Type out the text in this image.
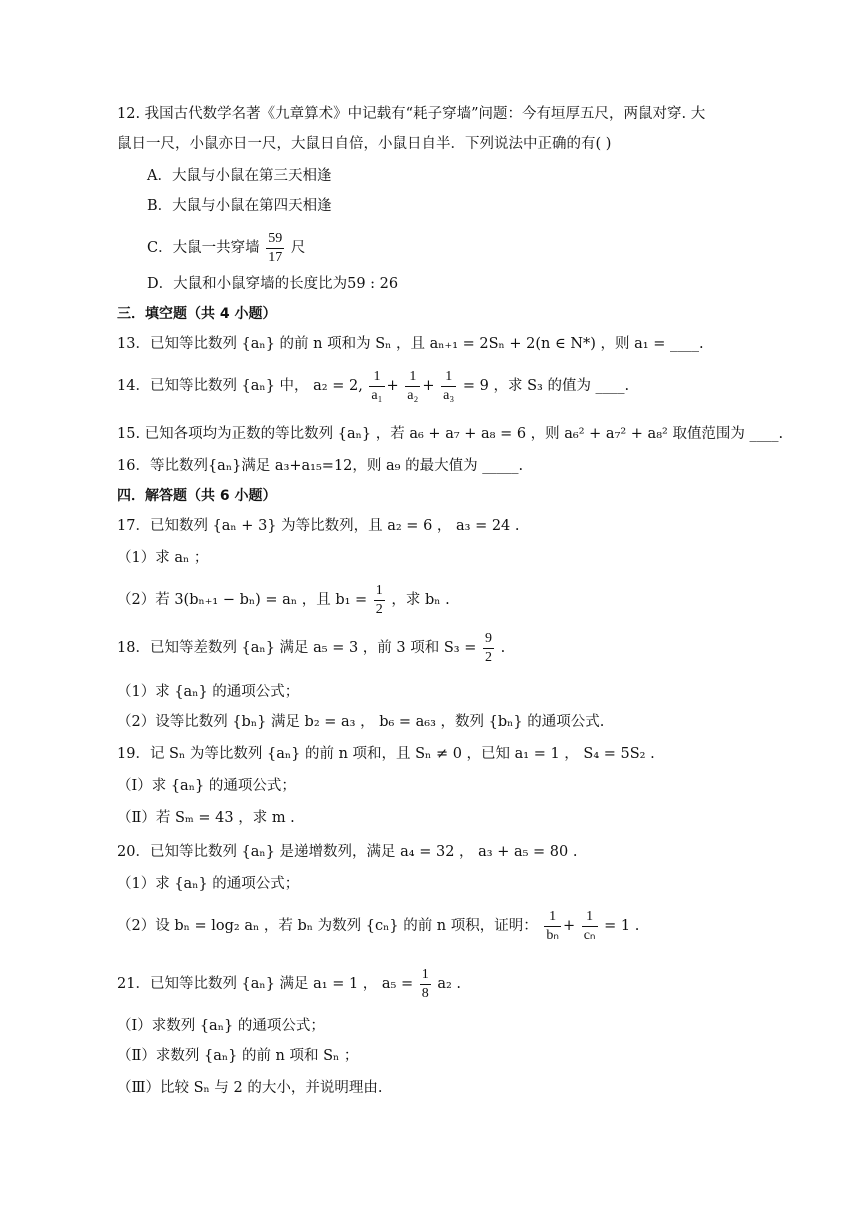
12. 我国古代数学名著《九章算术》中记载有“耗子穿墙”问题：今有垣厚五尺，两鼠对穿. 大
鼠日一尺，小鼠亦日一尺，大鼠日自倍，小鼠日自半．下列说法中正确的有( )
A．大鼠与小鼠在第三天相逢
B．大鼠与小鼠在第四天相逢
C．大鼠一共穿墙 $\frac{59}{17}$ 尺
D．大鼠和小鼠穿墙的长度比为59 : 26
三．填空题（共 4 小题）
13．已知等比数列 {aₙ} 的前 n 项和为 Sₙ ，且 aₙ₊₁ = 2Sₙ + 2(n ∈ N*) ，则 a₁ = ____.
14．已知等比数列 {aₙ} 中， a₂ = 2, $\frac{1}{\text{a₁}} + \frac{1}{\text{a₂}} + \frac{1}{\text{a₃}} = 9$ ，求 S₃ 的值为 ____.
15. 已知各项均为正数的等比数列 {aₙ} ，若 a₆ + a₇ + a₈ = 6 ，则 a₆² + a₇² + a₈² 取值范围为 ____.
16．等比数列{aₙ}满足 a₃+a₁₅=12，则 a₉ 的最大值为 _____.
四．解答题（共 6 小题）
17．已知数列 {aₙ + 3} 为等比数列，且 a₂ = 6 ， a₃ = 24 .
（1）求 aₙ ；
（2）若 3(bₙ₊₁ − bₙ) = aₙ ，且 $b_1 = \frac{1}{2}$ ，求 bₙ .
18．已知等差数列 {aₙ} 满足 a₅ = 3 ，前 3 项和 $S_3 = \frac{9}{2}$ .
（1）求 {aₙ} 的通项公式；
（2）设等比数列 {bₙ} 满足 b₂ = a₃ ， b₆ = a₆₃ ，数列 {bₙ} 的通项公式.
19．记 Sₙ 为等比数列 {aₙ} 的前 n 项和，且 Sₙ ≠ 0 ，已知 a₁ = 1 ， S₄ = 5S₂ .
（Ⅰ）求 {aₙ} 的通项公式；
（Ⅱ）若 Sₘ = 43 ，求 m .
20．已知等比数列 {aₙ} 是递增数列，满足 a₄ = 32 ， a₃ + a₅ = 80 .
（1）求 {aₙ} 的通项公式；
（2）设 bₙ = log₂ aₙ ，若 bₙ 为数列 {cₙ} 的前 n 项积，证明： $\frac{1}{\text{bₙ}} + \frac{1}{\text{cₙ}} = 1$ .
21．已知等比数列 {aₙ} 满足 a₁ = 1 ， $a_5 = \frac{1}{8} a_2$ .
（Ⅰ）求数列 {aₙ} 的通项公式；
（Ⅱ）求数列 {aₙ} 的前 n 项和 Sₙ ；
（Ⅲ）比较 Sₙ 与 2 的大小，并说明理由.
